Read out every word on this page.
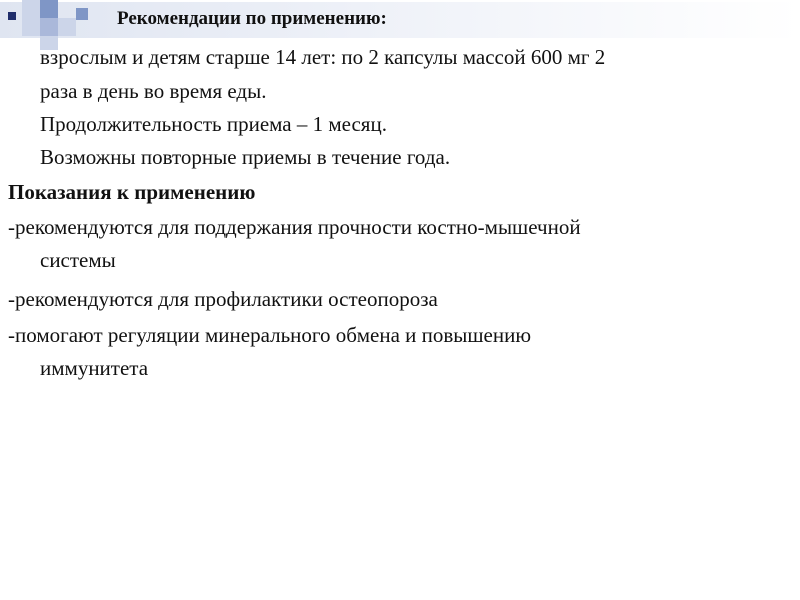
Рекомендации по применению:
взрослым и детям старше 14 лет: по 2 капсулы массой 600 мг 2
раза в день во время еды.
Продолжительность приема – 1 месяц.
Возможны повторные приемы в течение года.
Показания к применению
-рекомендуются для поддержания прочности костно-мышечной
системы
-рекомендуются для профилактики остеопороза
-помогают регуляции минерального обмена и повышению
иммунитета
